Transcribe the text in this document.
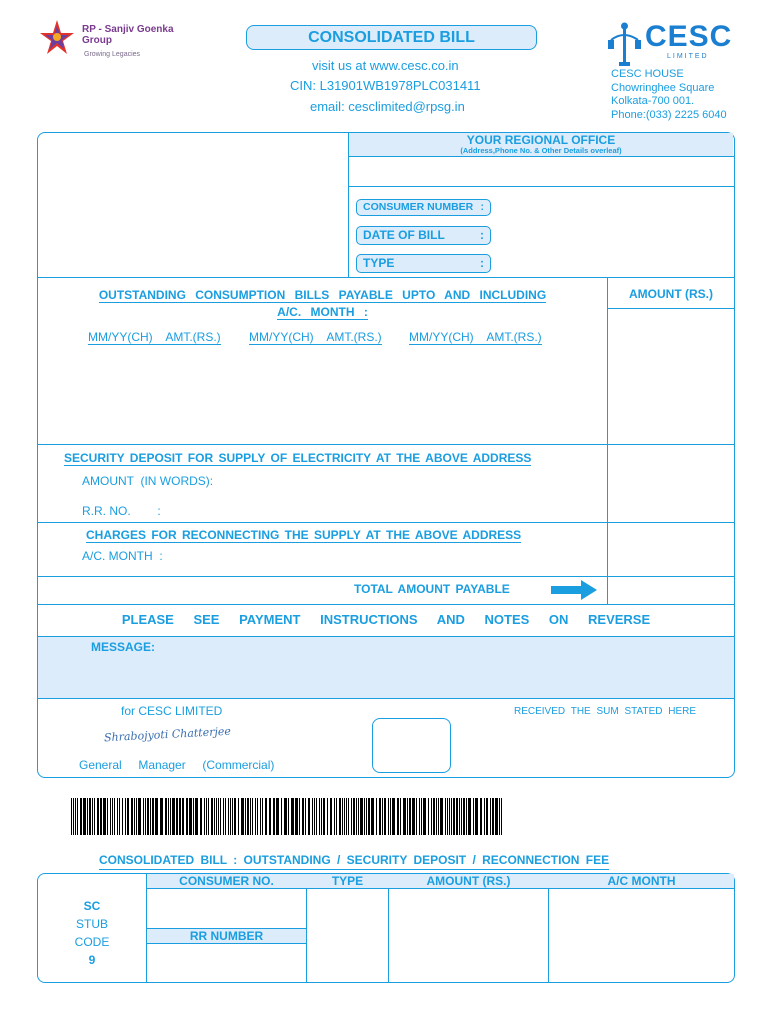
RP - Sanjiv Goenka
Group
Growing Legacies
CONSOLIDATED BILL
visit us at www.cesc.co.in
CIN: L31901WB1978PLC031411
email: cesclimited@rpsg.in
CESC
LIMITED
CESC HOUSE
Chowringhee Square
Kolkata-700 001.
Phone:(033) 2225 6040
YOUR REGIONAL OFFICE
(Address,Phone No. & Other Details overleaf)
CONSUMER NUMBER :
DATE OF BILL	:
TYPE	:
AMOUNT (RS.)
OUTSTANDING CONSUMPTION BILLS PAYABLE UPTO AND INCLUDING
A/C. MONTH :
MM/YY(CH)    AMT.(RS.) MM/YY(CH)    AMT.(RS.) MM/YY(CH)    AMT.(RS.)
SECURITY DEPOSIT FOR SUPPLY OF ELECTRICITY AT THE ABOVE ADDRESS
AMOUNT  (IN WORDS):
R.R. NO.        :
CHARGES FOR RECONNECTING THE SUPPLY AT THE ABOVE ADDRESS
A/C. MONTH  :
TOTAL AMOUNT PAYABLE
PLEASE SEE PAYMENT INSTRUCTIONS AND NOTES ON REVERSE
MESSAGE:
for CESC LIMITED
Shrabojyoti Chatterjee
General     Manager     (Commercial)
RECEIVED THE SUM STATED HERE
CONSOLIDATED BILL : OUTSTANDING / SECURITY DEPOSIT / RECONNECTION FEE
SC
STUB
CODE
9
CONSUMER NO.	TYPE	AMOUNT (RS.)	A/C MONTH
RR NUMBER
